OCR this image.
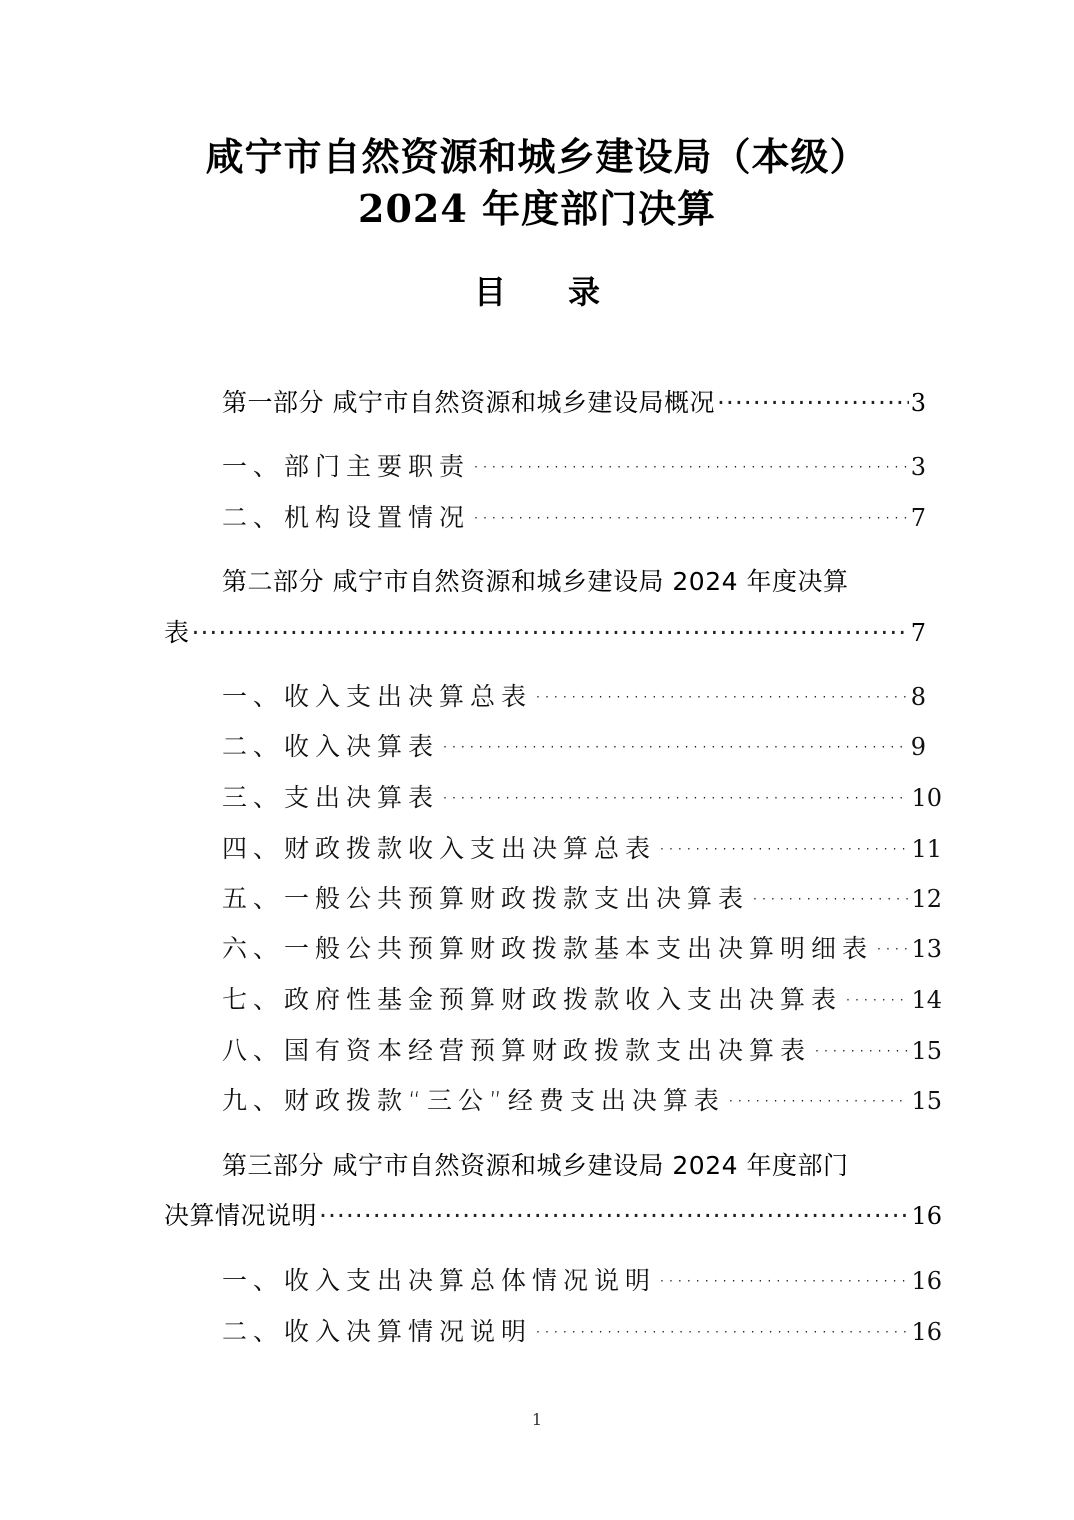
咸宁市自然资源和城乡建设局（本级）
2024 年度部门决算
目 录
第一部分 咸宁市自然资源和城乡建设局概况 ·····	3
一、部门主要职责 ·····	3
二、机构设置情况 ·····	7
第二部分 咸宁市自然资源和城乡建设局 2024 年度决算
表 ·····	7
一、收入支出决算总表 ·····	8
二、收入决算表 ·····	9
三、支出决算表 ·····	10
四、财政拨款收入支出决算总表 ·····	11
五、一般公共预算财政拨款支出决算表 ·····	12
六、一般公共预算财政拨款基本支出决算明细表 ····· 13
七、政府性基金预算财政拨款收入支出决算表 ·····	14
八、国有资本经营预算财政拨款支出决算表 ·····	15
九、财政拨款“三公”经费支出决算表 ·····	15
第三部分 咸宁市自然资源和城乡建设局 2024 年度部门
决算情况说明 ·····	16
一、收入支出决算总体情况说明 ·····	16
二、收入决算情况说明 ·····	16
1
